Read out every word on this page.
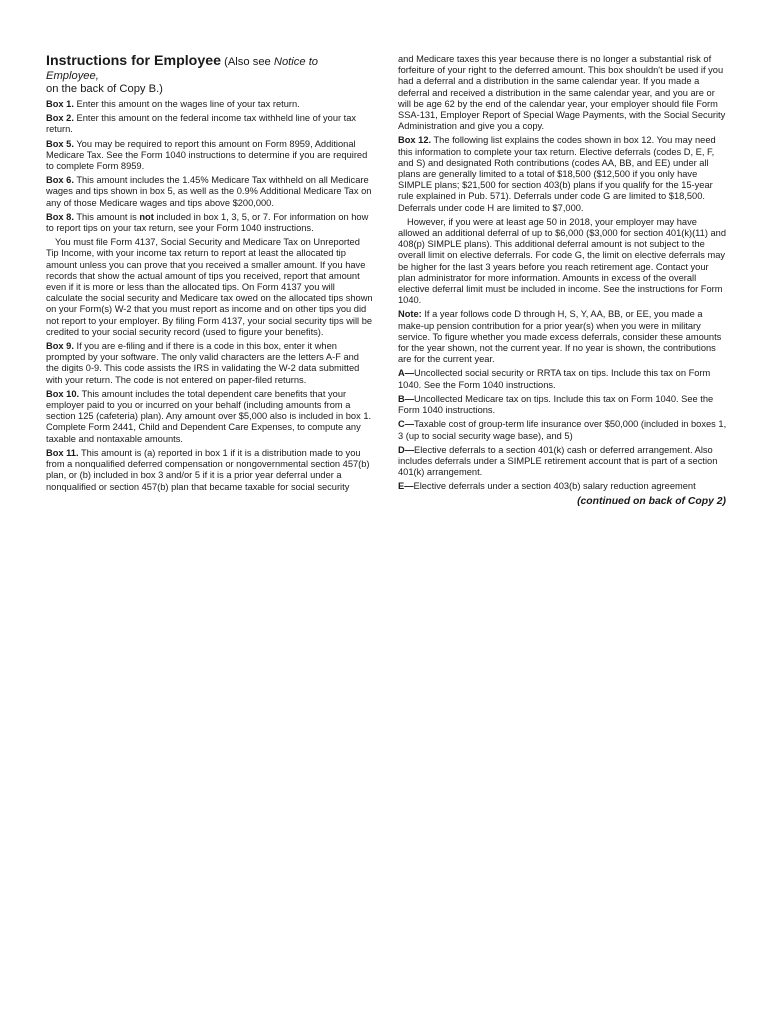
Instructions for Employee (Also see Notice to Employee,
on the back of Copy B.)

Box 1. Enter this amount on the wages line of your tax return.

Box 2. Enter this amount on the federal income tax withheld line of your tax return.

Box 5. You may be required to report this amount on Form 8959, Additional Medicare Tax. See the Form 1040 instructions to determine if you are required to complete Form 8959.

Box 6. This amount includes the 1.45% Medicare Tax withheld on all Medicare wages and tips shown in box 5, as well as the 0.9% Additional Medicare Tax on any of those Medicare wages and tips above $200,000.

Box 8. This amount is not included in box 1, 3, 5, or 7. For information on how to report tips on your tax return, see your Form 1040 instructions.

You must file Form 4137, Social Security and Medicare Tax on Unreported Tip Income, with your income tax return to report at least the allocated tip amount unless you can prove that you received a smaller amount. If you have records that show the actual amount of tips you received, report that amount even if it is more or less than the allocated tips. On Form 4137 you will calculate the social security and Medicare tax owed on the allocated tips shown on your Form(s) W-2 that you must report as income and on other tips you did not report to your employer. By filing Form 4137, your social security tips will be credited to your social security record (used to figure your benefits).

Box 9. If you are e-filing and if there is a code in this box, enter it when prompted by your software. The only valid characters are the letters A-F and the digits 0-9. This code assists the IRS in validating the W-2 data submitted with your return. The code is not entered on paper-filed returns.

Box 10. This amount includes the total dependent care benefits that your employer paid to you or incurred on your behalf (including amounts from a section 125 (cafeteria) plan). Any amount over $5,000 also is included in box 1. Complete Form 2441, Child and Dependent Care Expenses, to compute any taxable and nontaxable amounts.

Box 11. This amount is (a) reported in box 1 if it is a distribution made to you from a nonqualified deferred compensation or nongovernmental section 457(b) plan, or (b) included in box 3 and/or 5 if it is a prior year deferral under a nonqualified or section 457(b) plan that became taxable for social security

and Medicare taxes this year because there is no longer a substantial risk of forfeiture of your right to the deferred amount. This box shouldn't be used if you had a deferral and a distribution in the same calendar year. If you made a deferral and received a distribution in the same calendar year, and you are or will be age 62 by the end of the calendar year, your employer should file Form SSA-131, Employer Report of Special Wage Payments, with the Social Security Administration and give you a copy.

Box 12. The following list explains the codes shown in box 12. You may need this information to complete your tax return. Elective deferrals (codes D, E, F, and S) and designated Roth contributions (codes AA, BB, and EE) under all plans are generally limited to a total of $18,500 ($12,500 if you only have SIMPLE plans; $21,500 for section 403(b) plans if you qualify for the 15-year rule explained in Pub. 571). Deferrals under code G are limited to $18,500. Deferrals under code H are limited to $7,000.

However, if you were at least age 50 in 2018, your employer may have allowed an additional deferral of up to $6,000 ($3,000 for section 401(k)(11) and 408(p) SIMPLE plans). This additional deferral amount is not subject to the overall limit on elective deferrals. For code G, the limit on elective deferrals may be higher for the last 3 years before you reach retirement age. Contact your plan administrator for more information. Amounts in excess of the overall elective deferral limit must be included in income. See the instructions for Form 1040.

Note: If a year follows code D through H, S, Y, AA, BB, or EE, you made a make-up pension contribution for a prior year(s) when you were in military service. To figure whether you made excess deferrals, consider these amounts for the year shown, not the current year. If no year is shown, the contributions are for the current year.

A—Uncollected social security or RRTA tax on tips. Include this tax on Form 1040. See the Form 1040 instructions.

B—Uncollected Medicare tax on tips. Include this tax on Form 1040. See the Form 1040 instructions.

C—Taxable cost of group-term life insurance over $50,000 (included in boxes 1, 3 (up to social security wage base), and 5)

D—Elective deferrals to a section 401(k) cash or deferred arrangement. Also includes deferrals under a SIMPLE retirement account that is part of a section 401(k) arrangement.

E—Elective deferrals under a section 403(b) salary reduction agreement

(continued on back of Copy 2)
